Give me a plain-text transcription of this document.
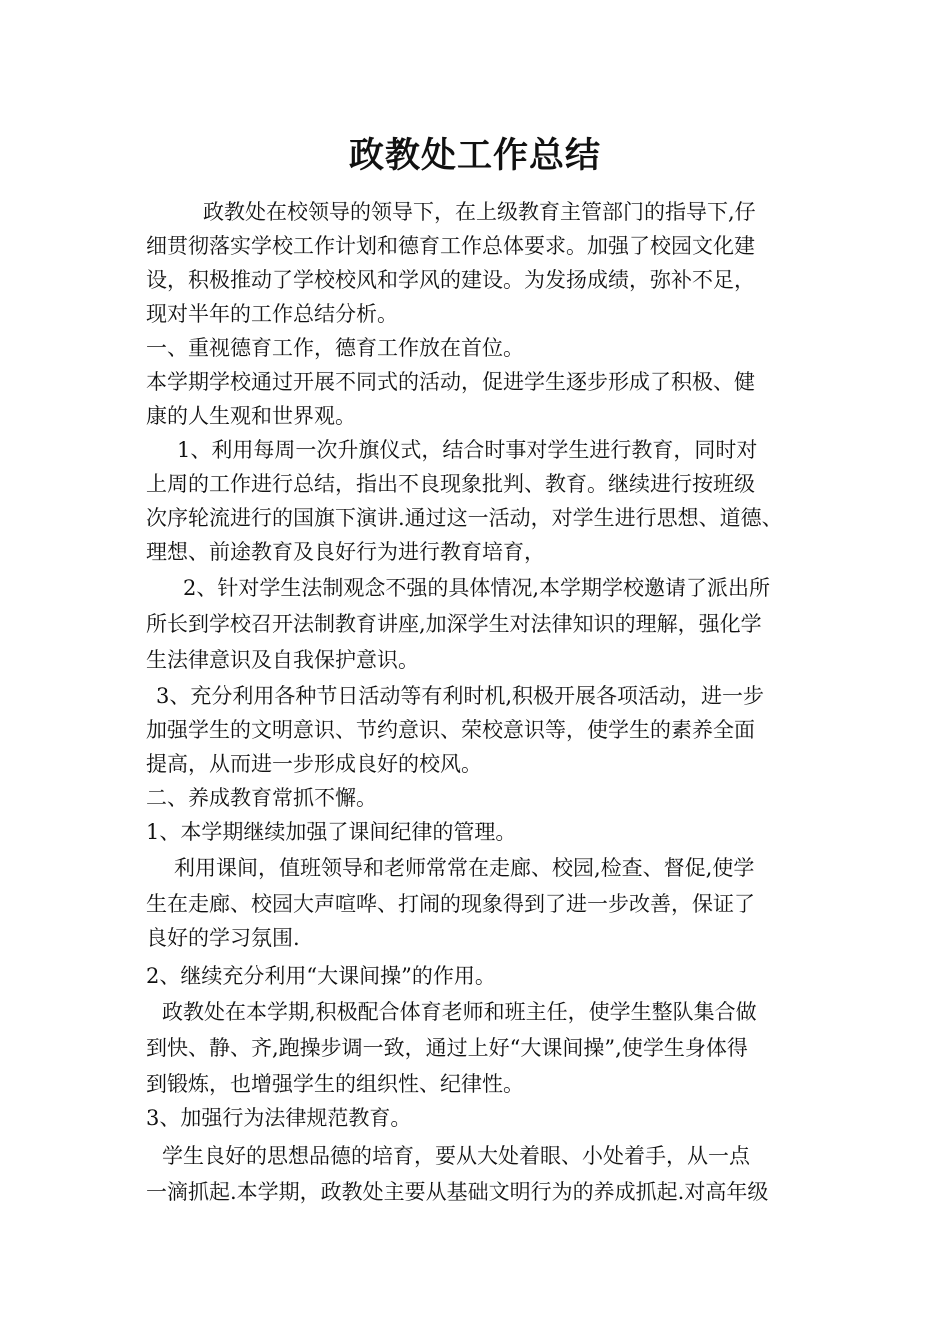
政教处工作总结

政教处在校领导的领导下，在上级教育主管部门的指导下,仔

细贯彻落实学校工作计划和德育工作总体要求。加强了校园文化建

设，积极推动了学校校风和学风的建设。为发扬成绩，弥补不足，

现对半年的工作总结分析。

一、重视德育工作，德育工作放在首位。

本学期学校通过开展不同式的活动，促进学生逐步形成了积极、健

康的人生观和世界观。

1、利用每周一次升旗仪式，结合时事对学生进行教育，同时对

上周的工作进行总结，指出不良现象批判、教育。继续进行按班级

次序轮流进行的国旗下演讲.通过这一活动，对学生进行思想、道德、

理想、前途教育及良好行为进行教育培育，

2、针对学生法制观念不强的具体情况,本学期学校邀请了派出所

所长到学校召开法制教育讲座,加深学生对法律知识的理解，强化学

生法律意识及自我保护意识。

3、充分利用各种节日活动等有利时机,积极开展各项活动，进一步

加强学生的文明意识、节约意识、荣校意识等，使学生的素养全面

提高，从而进一步形成良好的校风。

二、养成教育常抓不懈。

1、本学期继续加强了课间纪律的管理。

利用课间，值班领导和老师常常在走廊、校园,检查、督促,使学

生在走廊、校园大声喧哗、打闹的现象得到了进一步改善，保证了

良好的学习氛围.

2、继续充分利用“大课间操”的作用。

政教处在本学期,积极配合体育老师和班主任，使学生整队集合做

到快、静、齐,跑操步调一致，通过上好“大课间操”,使学生身体得

到锻炼，也增强学生的组织性、纪律性。

3、加强行为法律规范教育。

学生良好的思想品德的培育，要从大处着眼、小处着手，从一点

一滴抓起.本学期，政教处主要从基础文明行为的养成抓起.对高年级
